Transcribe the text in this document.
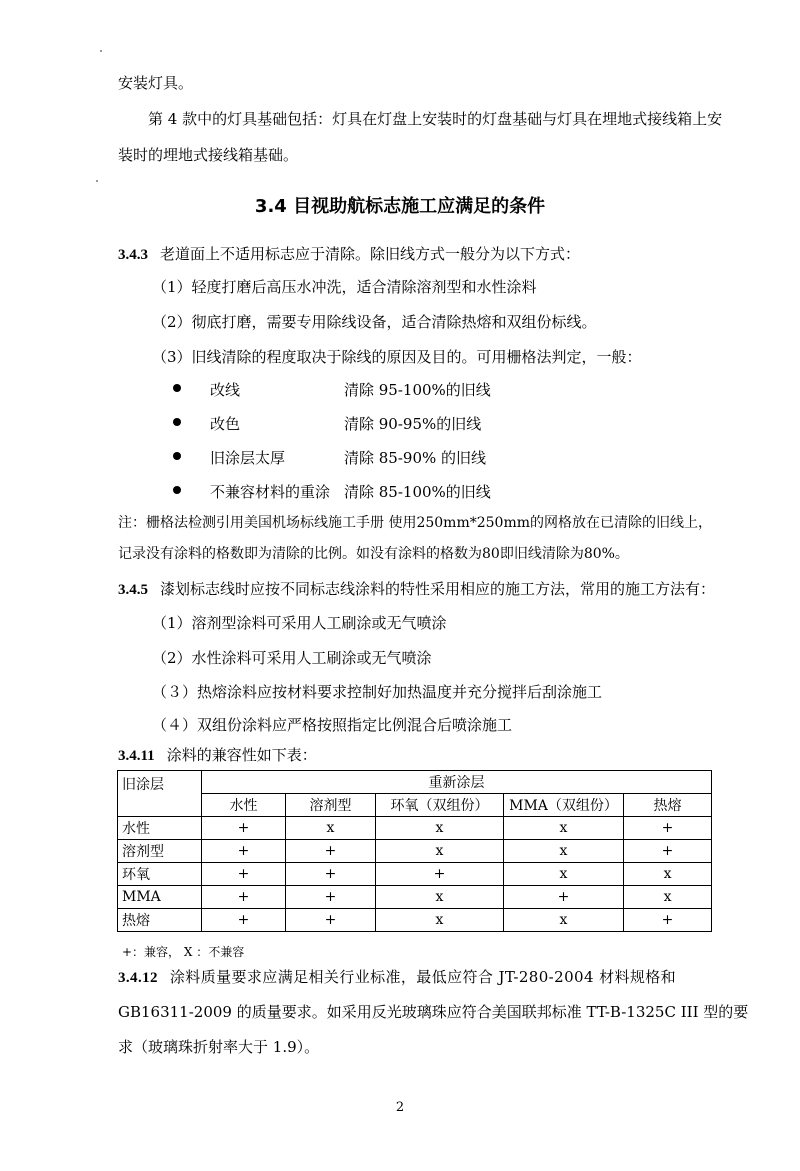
安装灯具。
第 4 款中的灯具基础包括：灯具在灯盘上安装时的灯盘基础与灯具在埋地式接线箱上安
装时的埋地式接线箱基础。
3.4 目视助航标志施工应满足的条件
3.4.3 老道面上不适用标志应于清除。除旧线方式一般分为以下方式：
（1）轻度打磨后高压水冲洗，适合清除溶剂型和水性涂料
（2）彻底打磨，需要专用除线设备，适合清除热熔和双组份标线。
（3）旧线清除的程度取决于除线的原因及目的。可用栅格法判定，一般：
改线	清除 95-100%的旧线
改色	清除 90-95%的旧线
旧涂层太厚	清除 85-90% 的旧线
不兼容材料的重涂 清除 85-100%的旧线
注：栅格法检测引用美国机场标线施工手册 使用250mm*250mm的网格放在已清除的旧线上，
记录没有涂料的格数即为清除的比例。如没有涂料的格数为80即旧线清除为80%。
3.4.5 漆划标志线时应按不同标志线涂料的特性采用相应的施工方法，常用的施工方法有：
（1）溶剂型涂料可采用人工刷涂或无气喷涂
（2）水性涂料可采用人工刷涂或无气喷涂
（３）热熔涂料应按材料要求控制好加热温度并充分搅拌后刮涂施工
（４）双组份涂料应严格按照指定比例混合后喷涂施工
3.4.11 涂料的兼容性如下表：
旧涂层	重新涂层				
	水性	溶剂型	环氧（双组份）	MMA（双组份）	热熔
水性	+	x	x	x	+
溶剂型	+	+	x	x	+
环氧	+	+	+	x	x
MMA	+	+	x	+	x
热熔	+	+	x	x	+
+：兼容， X ：不兼容
3.4.12 涂料质量要求应满足相关行业标准，最低应符合 JT-280-2004 材料规格和
GB16311-2009 的质量要求。如采用反光玻璃珠应符合美国联邦标准 TT-B-1325C III 型的要
求（玻璃珠折射率大于 1.9）。
2
